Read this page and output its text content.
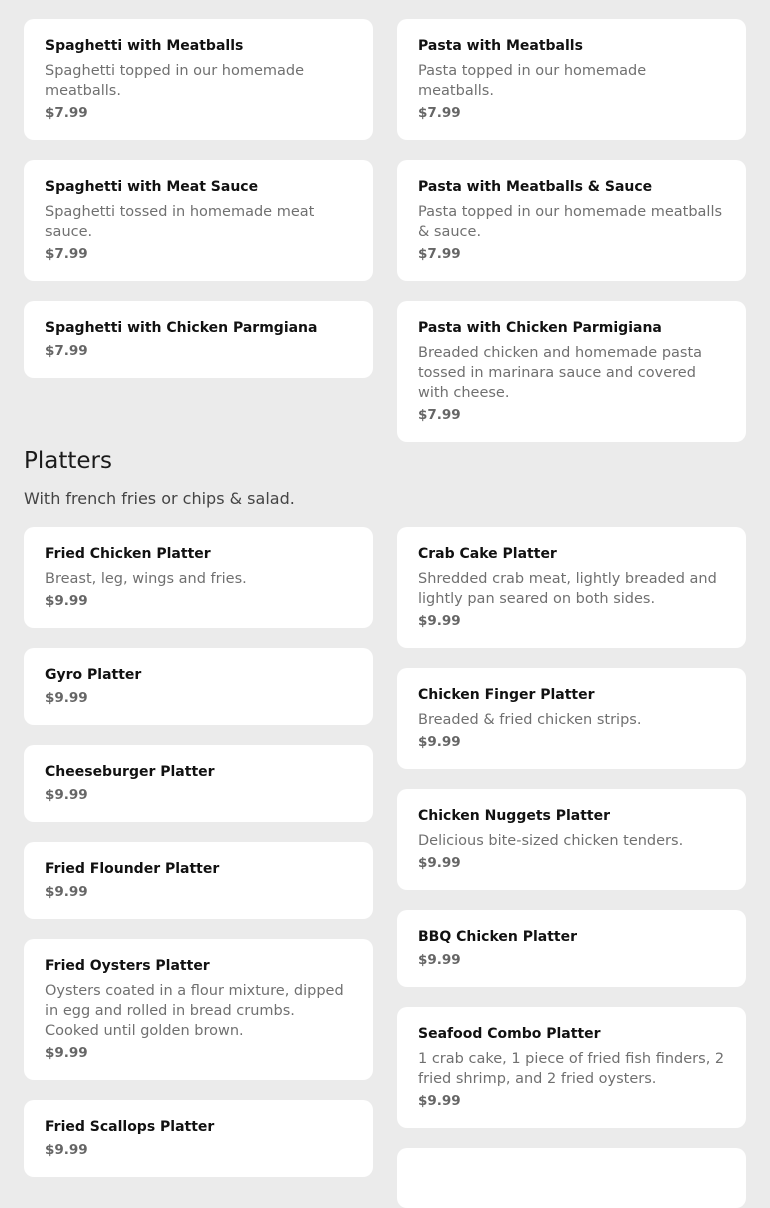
Spaghetti with Meatballs
Spaghetti topped in our homemade meatballs.
$7.99
Spaghetti with Meat Sauce
Spaghetti tossed in homemade meat sauce.
$7.99
Spaghetti with Chicken Parmgiana
$7.99
Pasta with Meatballs
Pasta topped in our homemade meatballs.
$7.99
Pasta with Meatballs & Sauce
Pasta topped in our homemade meatballs & sauce.
$7.99
Pasta with Chicken Parmigiana
Breaded chicken and homemade pasta tossed in marinara sauce and covered with cheese.
$7.99
Platters
With french fries or chips & salad.
Fried Chicken Platter
Breast, leg, wings and fries.
$9.99
Gyro Platter
$9.99
Cheeseburger Platter
$9.99
Fried Flounder Platter
$9.99
Fried Oysters Platter
Oysters coated in a flour mixture, dipped in egg and rolled in bread crumbs. Cooked until golden brown.
$9.99
Fried Scallops Platter
$9.99
Crab Cake Platter
Shredded crab meat, lightly breaded and lightly pan seared on both sides.
$9.99
Chicken Finger Platter
Breaded & fried chicken strips.
$9.99
Chicken Nuggets Platter
Delicious bite-sized chicken tenders.
$9.99
BBQ Chicken Platter
$9.99
Seafood Combo Platter
1 crab cake, 1 piece of fried fish finders, 2 fried shrimp, and 2 fried oysters.
$9.99
